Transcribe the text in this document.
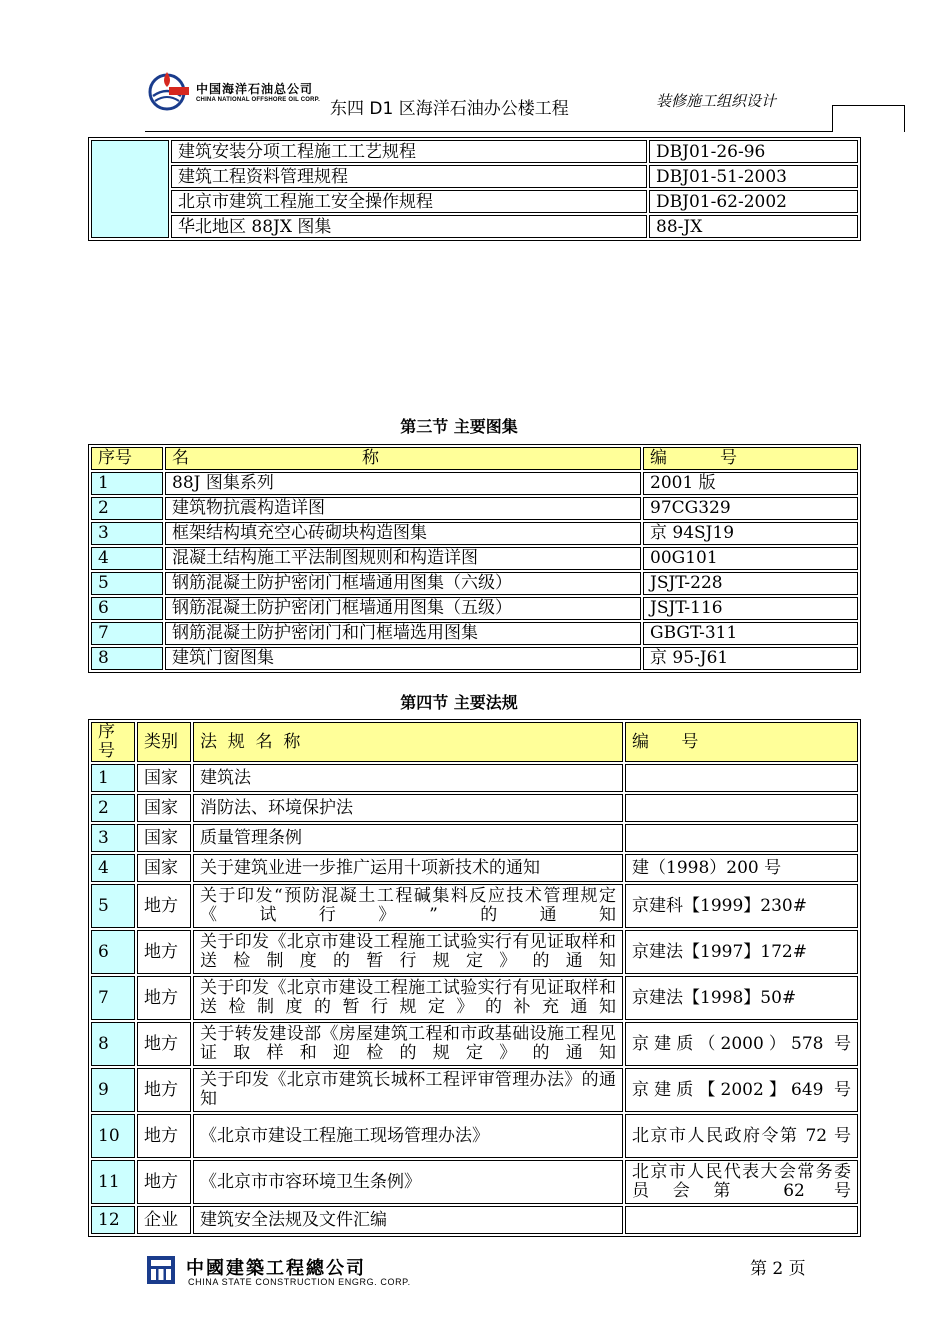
中国海洋石油总公司
CHINA NATIONAL OFFSHORE OIL CORP. 东四 D1 区海洋石油办公楼工程	装修施工组织设计
	建筑安装分项工程施工工艺规程	DBJ01-26-96
	建筑工程资料管理规程	DBJ01-51-2003
	北京市建筑工程施工安全操作规程	DBJ01-62-2002
	华北地区 88JX 图集	88-JX
第三节 主要图集
序号	名 称	编 号
1	88J 图集系列	2001 版
2	建筑物抗震构造详图	97CG329
3	框架结构填充空心砖砌块构造图集	京 94SJ19
4	混凝土结构施工平法制图规则和构造详图	00G101
5	钢筋混凝土防护密闭门框墙通用图集（六级）	JSJT-228
6	钢筋混凝土防护密闭门框墙通用图集（五级）	JSJT-116
7	钢筋混凝土防护密闭门和门框墙选用图集	GBGT-311
8	建筑门窗图集	京 95-J61
第四节 主要法规
序号	类别	法  规  名  称	编      号
1	国家	建筑法	
2	国家	消防法、环境保护法	
3	国家	质量管理条例	
4	国家	关于建筑业进一步推广运用十项新技术的通知	建（1998）200 号
5	地方	关于印发“预防混凝土工程碱集料反应技术管理规定《试行》”的通知	京建科【1999】230#
6	地方	关于印发《北京市建设工程施工试验实行有见证取样和送检制度的暂行规定》的通知	京建法【1997】172#
7	地方	关于印发《北京市建设工程施工试验实行有见证取样和送检制度的暂行规定》的补充通知	京建法【1998】50#
8	地方	关于转发建设部《房屋建筑工程和市政基础设施工程见证取样和迎检的规定》的通知	京建质（2000）578 号
9	地方	关于印发《北京市建筑长城杯工程评审管理办法》的通知	京建质【2002】649 号
10	地方	《北京市建设工程施工现场管理办法》	北京市人民政府令第 72 号
11	地方	《北京市市容环境卫生条例》	北京市人民代表大会常务委员会第 62 号
12	企业	建筑安全法规及文件汇编	
中國建築工程總公司
CHINA STATE CONSTRUCTION ENGRG. CORP.
第 2 页
